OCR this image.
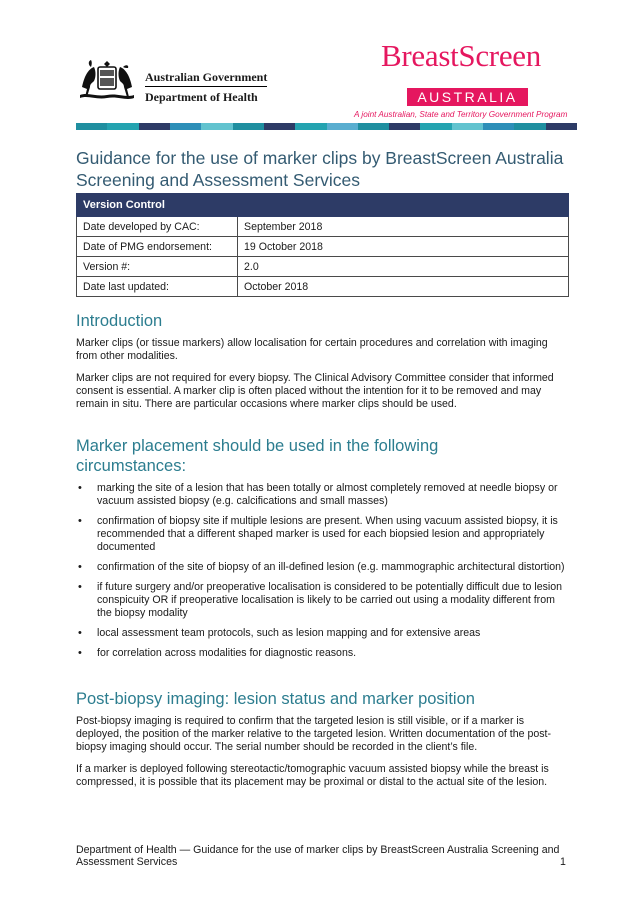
Australian Government
Department of Health
BreastScreen
AUSTRALIA
A joint Australian, State and Territory Government Program
Guidance for the use of marker clips by BreastScreen Australia Screening and Assessment Services
Version Control	
Date developed by CAC:	September 2018
Date of PMG endorsement:	19 October 2018
Version #:	2.0
Date last updated:	October 2018
Introduction
Marker clips (or tissue markers) allow localisation for certain procedures and correlation with imaging from other modalities.
Marker clips are not required for every biopsy. The Clinical Advisory Committee consider that informed consent is essential. A marker clip is often placed without the intention for it to be removed and may remain in situ. There are particular occasions where marker clips should be used.
Marker placement should be used in the following circumstances:
• marking the site of a lesion that has been totally or almost completely removed at needle biopsy or vacuum assisted biopsy (e.g. calcifications and small masses)
• confirmation of biopsy site if multiple lesions are present. When using vacuum assisted biopsy, it is recommended that a different shaped marker is used for each biopsied lesion and appropriately documented
• confirmation of the site of biopsy of an ill-defined lesion (e.g. mammographic architectural distortion)
• if future surgery and/or preoperative localisation is considered to be potentially difficult due to lesion conspicuity OR if preoperative localisation is likely to be carried out using a modality different from the biopsy modality
• local assessment team protocols, such as lesion mapping and for extensive areas
• for correlation across modalities for diagnostic reasons.
Post-biopsy imaging: lesion status and marker position
Post-biopsy imaging is required to confirm that the targeted lesion is still visible, or if a marker is deployed, the position of the marker relative to the targeted lesion. Written documentation of the post-biopsy imaging should occur. The serial number should be recorded in the client’s file.
If a marker is deployed following stereotactic/tomographic vacuum assisted biopsy while the breast is compressed, it is possible that its placement may be proximal or distal to the actual site of the lesion.
Department of Health — Guidance for the use of marker clips by BreastScreen Australia Screening and Assessment Services	1
